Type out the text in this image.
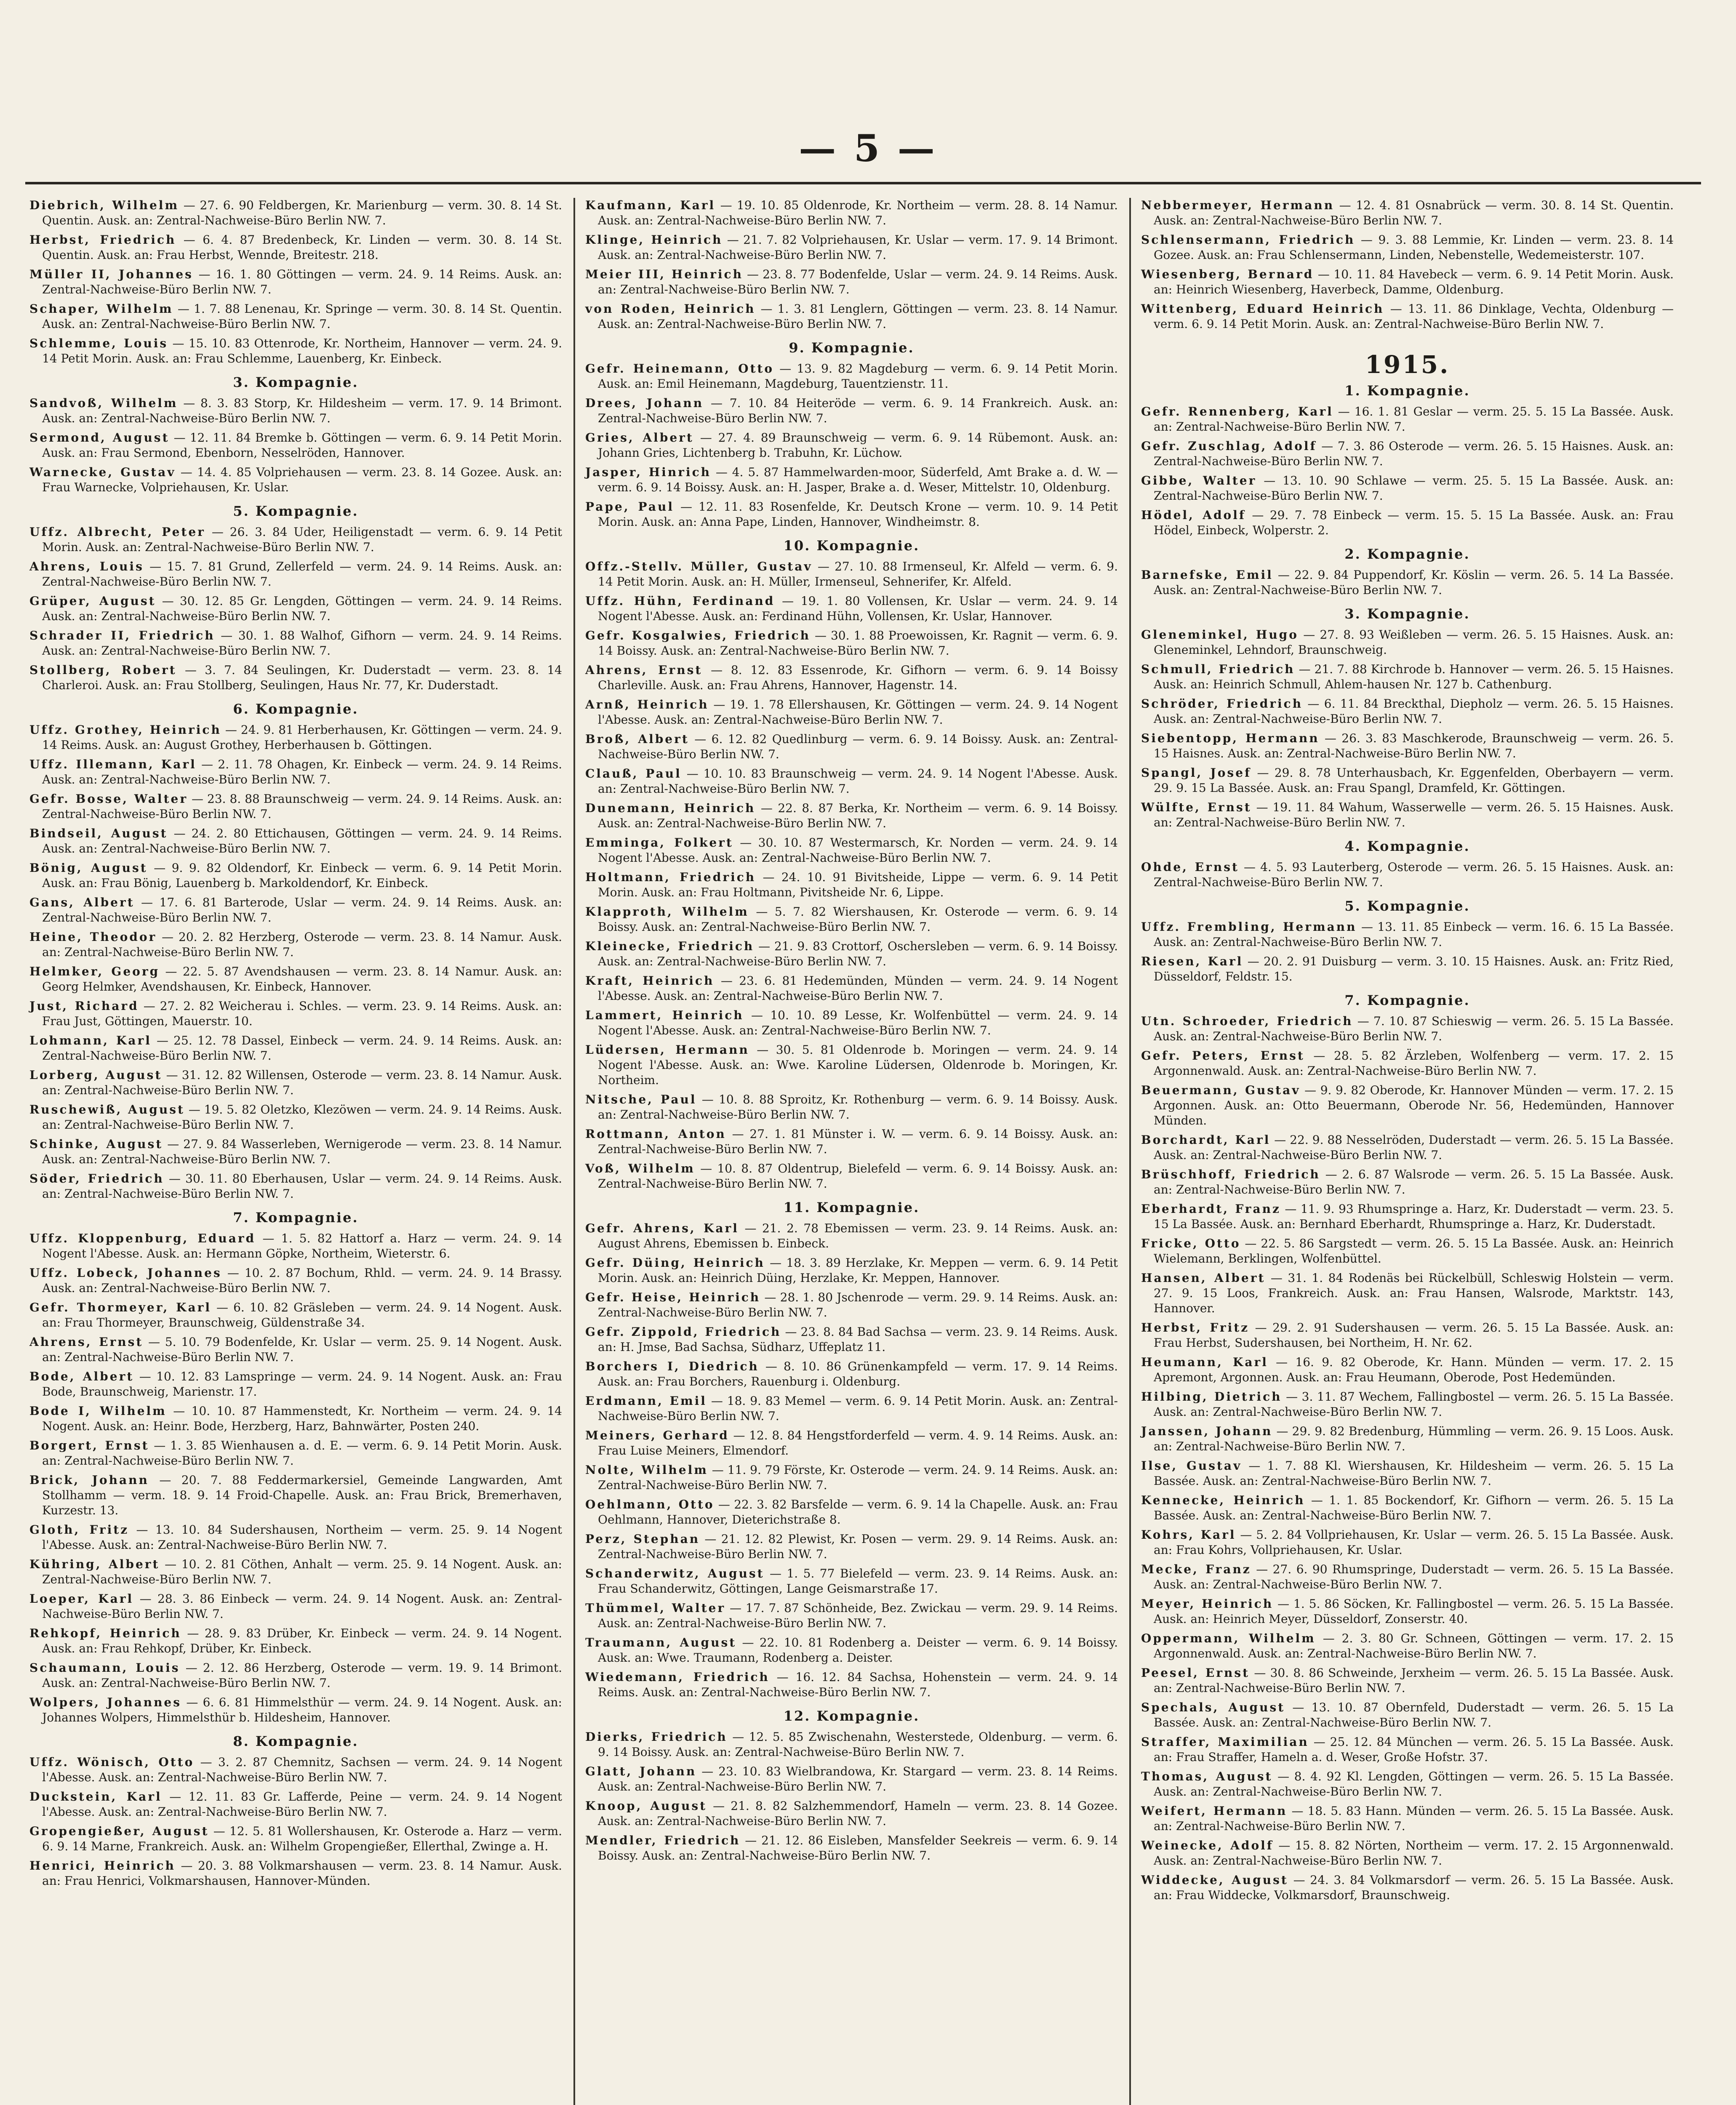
— 5 —
Diebrich, Wilhelm — 27. 6. 90 Feldbergen, Kr. Marienburg — verm. 30. 8. 14 St. Quentin. Ausk. an: Zentral-Nachweise-Büro Berlin NW. 7.
Herbst, Friedrich — 6. 4. 87 Bredenbeck, Kr. Linden — verm. 30. 8. 14 St. Quentin. Ausk. an: Frau Herbst, Wennde, Breitestr. 218.
Müller II, Johannes — 16. 1. 80 Göttingen — verm. 24. 9. 14 Reims. Ausk. an: Zentral-Nachweise-Büro Berlin NW. 7.
Schaper, Wilhelm — 1. 7. 88 Lenenau, Kr. Springe — verm. 30. 8. 14 St. Quentin. Ausk. an: Zentral-Nachweise-Büro Berlin NW. 7.
Schlemme, Louis — 15. 10. 83 Ottenrode, Kr. Northeim, Hannover — verm. 24. 9. 14 Petit Morin. Ausk. an: Frau Schlemme, Lauenberg, Kr. Einbeck.
3. Kompagnie.
Sandvoß, Wilhelm — 8. 3. 83 Storp, Kr. Hildesheim — verm. 17. 9. 14 Brimont. Ausk. an: Zentral-Nachweise-Büro Berlin NW. 7.
Sermond, August — 12. 11. 84 Bremke b. Göttingen — verm. 6. 9. 14 Petit Morin. Ausk. an: Frau Sermond, Ebenborn, Nesselröden, Hannover.
Warnecke, Gustav — 14. 4. 85 Volpriehausen — verm. 23. 8. 14 Gozee. Ausk. an: Frau Warnecke, Volpriehausen, Kr. Uslar.
5. Kompagnie.
Uffz. Albrecht, Peter — 26. 3. 84 Uder, Heiligenstadt — verm. 6. 9. 14 Petit Morin. Ausk. an: Zentral-Nachweise-Büro Berlin NW. 7.
Ahrens, Louis — 15. 7. 81 Grund, Zellerfeld — verm. 24. 9. 14 Reims. Ausk. an: Zentral-Nachweise-Büro Berlin NW. 7.
Grüper, August — 30. 12. 85 Gr. Lengden, Göttingen — verm. 24. 9. 14 Reims. Ausk. an: Zentral-Nachweise-Büro Berlin NW. 7.
Schrader II, Friedrich — 30. 1. 88 Walhof, Gifhorn — verm. 24. 9. 14 Reims. Ausk. an: Zentral-Nachweise-Büro Berlin NW. 7.
Stollberg, Robert — 3. 7. 84 Seulingen, Kr. Duderstadt — verm. 23. 8. 14 Charleroi. Ausk. an: Frau Stollberg, Seulingen, Haus Nr. 77, Kr. Duderstadt.
6. Kompagnie.
Uffz. Grothey, Heinrich — 24. 9. 81 Herberhausen, Kr. Göttingen — verm. 24. 9. 14 Reims. Ausk. an: August Grothey, Herberhausen b. Göttingen.
Uffz. Illemann, Karl — 2. 11. 78 Ohagen, Kr. Einbeck — verm. 24. 9. 14 Reims. Ausk. an: Zentral-Nachweise-Büro Berlin NW. 7.
Gefr. Bosse, Walter — 23. 8. 88 Braunschweig — verm. 24. 9. 14 Reims. Ausk. an: Zentral-Nachweise-Büro Berlin NW. 7.
Bindseil, August — 24. 2. 80 Ettichausen, Göttingen — verm. 24. 9. 14 Reims. Ausk. an: Zentral-Nachweise-Büro Berlin NW. 7.
Bönig, August — 9. 9. 82 Oldendorf, Kr. Einbeck — verm. 6. 9. 14 Petit Morin. Ausk. an: Frau Bönig, Lauenberg b. Markoldendorf, Kr. Einbeck.
Gans, Albert — 17. 6. 81 Barterode, Uslar — verm. 24. 9. 14 Reims. Ausk. an: Zentral-Nachweise-Büro Berlin NW. 7.
Heine, Theodor — 20. 2. 82 Herzberg, Osterode — verm. 23. 8. 14 Namur. Ausk. an: Zentral-Nachweise-Büro Berlin NW. 7.
Helmker, Georg — 22. 5. 87 Avendshausen — verm. 23. 8. 14 Namur. Ausk. an: Georg Helmker, Avendshausen, Kr. Einbeck, Hannover.
Just, Richard — 27. 2. 82 Weicherau i. Schles. — verm. 23. 9. 14 Reims. Ausk. an: Frau Just, Göttingen, Mauerstr. 10.
Lohmann, Karl — 25. 12. 78 Dassel, Einbeck — verm. 24. 9. 14 Reims. Ausk. an: Zentral-Nachweise-Büro Berlin NW. 7.
Lorberg, August — 31. 12. 82 Willensen, Osterode — verm. 23. 8. 14 Namur. Ausk. an: Zentral-Nachweise-Büro Berlin NW. 7.
Ruschewiß, August — 19. 5. 82 Oletzko, Klezöwen — verm. 24. 9. 14 Reims. Ausk. an: Zentral-Nachweise-Büro Berlin NW. 7.
Schinke, August — 27. 9. 84 Wasserleben, Wernigerode — verm. 23. 8. 14 Namur. Ausk. an: Zentral-Nachweise-Büro Berlin NW. 7.
Söder, Friedrich — 30. 11. 80 Eberhausen, Uslar — verm. 24. 9. 14 Reims. Ausk. an: Zentral-Nachweise-Büro Berlin NW. 7.
7. Kompagnie.
Uffz. Kloppenburg, Eduard — 1. 5. 82 Hattorf a. Harz — verm. 24. 9. 14 Nogent l'Abesse. Ausk. an: Hermann Göpke, Northeim, Wieterstr. 6.
Uffz. Lobeck, Johannes — 10. 2. 87 Bochum, Rhld. — verm. 24. 9. 14 Brassy. Ausk. an: Zentral-Nachweise-Büro Berlin NW. 7.
Gefr. Thormeyer, Karl — 6. 10. 82 Gräsleben — verm. 24. 9. 14 Nogent. Ausk. an: Frau Thormeyer, Braunschweig, Güldenstraße 34.
Ahrens, Ernst — 5. 10. 79 Bodenfelde, Kr. Uslar — verm. 25. 9. 14 Nogent. Ausk. an: Zentral-Nachweise-Büro Berlin NW. 7.
Bode, Albert — 10. 12. 83 Lamspringe — verm. 24. 9. 14 Nogent. Ausk. an: Frau Bode, Braunschweig, Marienstr. 17.
Bode I, Wilhelm — 10. 10. 87 Hammenstedt, Kr. Northeim — verm. 24. 9. 14 Nogent. Ausk. an: Heinr. Bode, Herzberg, Harz, Bahnwärter, Posten 240.
Borgert, Ernst — 1. 3. 85 Wienhausen a. d. E. — verm. 6. 9. 14 Petit Morin. Ausk. an: Zentral-Nachweise-Büro Berlin NW. 7.
Brick, Johann — 20. 7. 88 Feddermarkersiel, Gemeinde Langwarden, Amt Stollhamm — verm. 18. 9. 14 Froid-Chapelle. Ausk. an: Frau Brick, Bremerhaven, Kurzestr. 13.
Gloth, Fritz — 13. 10. 84 Sudershausen, Northeim — verm. 25. 9. 14 Nogent l'Abesse. Ausk. an: Zentral-Nachweise-Büro Berlin NW. 7.
Kühring, Albert — 10. 2. 81 Cöthen, Anhalt — verm. 25. 9. 14 Nogent. Ausk. an: Zentral-Nachweise-Büro Berlin NW. 7.
Loeper, Karl — 28. 3. 86 Einbeck — verm. 24. 9. 14 Nogent. Ausk. an: Zentral-Nachweise-Büro Berlin NW. 7.
Rehkopf, Heinrich — 28. 9. 83 Drüber, Kr. Einbeck — verm. 24. 9. 14 Nogent. Ausk. an: Frau Rehkopf, Drüber, Kr. Einbeck.
Schaumann, Louis — 2. 12. 86 Herzberg, Osterode — verm. 19. 9. 14 Brimont. Ausk. an: Zentral-Nachweise-Büro Berlin NW. 7.
Wolpers, Johannes — 6. 6. 81 Himmelsthür — verm. 24. 9. 14 Nogent. Ausk. an: Johannes Wolpers, Himmelsthür b. Hildesheim, Hannover.
8. Kompagnie.
Uffz. Wönisch, Otto — 3. 2. 87 Chemnitz, Sachsen — verm. 24. 9. 14 Nogent l'Abesse. Ausk. an: Zentral-Nachweise-Büro Berlin NW. 7.
Duckstein, Karl — 12. 11. 83 Gr. Lafferde, Peine — verm. 24. 9. 14 Nogent l'Abesse. Ausk. an: Zentral-Nachweise-Büro Berlin NW. 7.
Gropengießer, August — 12. 5. 81 Wollershausen, Kr. Osterode a. Harz — verm. 6. 9. 14 Marne, Frankreich. Ausk. an: Wilhelm Gropengießer, Ellerthal, Zwinge a. H.
Henrici, Heinrich — 20. 3. 88 Volkmarshausen — verm. 23. 8. 14 Namur. Ausk. an: Frau Henrici, Volkmarshausen, Hannover-Münden.
Kaufmann, Karl — 19. 10. 85 Oldenrode, Kr. Northeim — verm. 28. 8. 14 Namur. Ausk. an: Zentral-Nachweise-Büro Berlin NW. 7.
Klinge, Heinrich — 21. 7. 82 Volpriehausen, Kr. Uslar — verm. 17. 9. 14 Brimont. Ausk. an: Zentral-Nachweise-Büro Berlin NW. 7.
Meier III, Heinrich — 23. 8. 77 Bodenfelde, Uslar — verm. 24. 9. 14 Reims. Ausk. an: Zentral-Nachweise-Büro Berlin NW. 7.
von Roden, Heinrich — 1. 3. 81 Lenglern, Göttingen — verm. 23. 8. 14 Namur. Ausk. an: Zentral-Nachweise-Büro Berlin NW. 7.
9. Kompagnie.
Gefr. Heinemann, Otto — 13. 9. 82 Magdeburg — verm. 6. 9. 14 Petit Morin. Ausk. an: Emil Heinemann, Magdeburg, Tauentzienstr. 11.
Drees, Johann — 7. 10. 84 Heiteröde — verm. 6. 9. 14 Frankreich. Ausk. an: Zentral-Nachweise-Büro Berlin NW. 7.
Gries, Albert — 27. 4. 89 Braunschweig — verm. 6. 9. 14 Rübemont. Ausk. an: Johann Gries, Lichtenberg b. Trabuhn, Kr. Lüchow.
Jasper, Hinrich — 4. 5. 87 Hammelwarden-moor, Süderfeld, Amt Brake a. d. W. — verm. 6. 9. 14 Boissy. Ausk. an: H. Jasper, Brake a. d. Weser, Mittelstr. 10, Oldenburg.
Pape, Paul — 12. 11. 83 Rosenfelde, Kr. Deutsch Krone — verm. 10. 9. 14 Petit Morin. Ausk. an: Anna Pape, Linden, Hannover, Windheimstr. 8.
10. Kompagnie.
Offz.-Stellv. Müller, Gustav — 27. 10. 88 Irmenseul, Kr. Alfeld — verm. 6. 9. 14 Petit Morin. Ausk. an: H. Müller, Irmenseul, Sehnerifer, Kr. Alfeld.
Uffz. Hühn, Ferdinand — 19. 1. 80 Vollensen, Kr. Uslar — verm. 24. 9. 14 Nogent l'Abesse. Ausk. an: Ferdinand Hühn, Vollensen, Kr. Uslar, Hannover.
Gefr. Kosgalwies, Friedrich — 30. 1. 88 Proewoissen, Kr. Ragnit — verm. 6. 9. 14 Boissy. Ausk. an: Zentral-Nachweise-Büro Berlin NW. 7.
Ahrens, Ernst — 8. 12. 83 Essenrode, Kr. Gifhorn — verm. 6. 9. 14 Boissy Charleville. Ausk. an: Frau Ahrens, Hannover, Hagenstr. 14.
Arnß, Heinrich — 19. 1. 78 Ellershausen, Kr. Göttingen — verm. 24. 9. 14 Nogent l'Abesse. Ausk. an: Zentral-Nachweise-Büro Berlin NW. 7.
Broß, Albert — 6. 12. 82 Quedlinburg — verm. 6. 9. 14 Boissy. Ausk. an: Zentral-Nachweise-Büro Berlin NW. 7.
Clauß, Paul — 10. 10. 83 Braunschweig — verm. 24. 9. 14 Nogent l'Abesse. Ausk. an: Zentral-Nachweise-Büro Berlin NW. 7.
Dunemann, Heinrich — 22. 8. 87 Berka, Kr. Northeim — verm. 6. 9. 14 Boissy. Ausk. an: Zentral-Nachweise-Büro Berlin NW. 7.
Emminga, Folkert — 30. 10. 87 Westermarsch, Kr. Norden — verm. 24. 9. 14 Nogent l'Abesse. Ausk. an: Zentral-Nachweise-Büro Berlin NW. 7.
Holtmann, Friedrich — 24. 10. 91 Bivitsheide, Lippe — verm. 6. 9. 14 Petit Morin. Ausk. an: Frau Holtmann, Pivitsheide Nr. 6, Lippe.
Klapproth, Wilhelm — 5. 7. 82 Wiershausen, Kr. Osterode — verm. 6. 9. 14 Boissy. Ausk. an: Zentral-Nachweise-Büro Berlin NW. 7.
Kleinecke, Friedrich — 21. 9. 83 Crottorf, Oschersleben — verm. 6. 9. 14 Boissy. Ausk. an: Zentral-Nachweise-Büro Berlin NW. 7.
Kraft, Heinrich — 23. 6. 81 Hedemünden, Münden — verm. 24. 9. 14 Nogent l'Abesse. Ausk. an: Zentral-Nachweise-Büro Berlin NW. 7.
Lammert, Heinrich — 10. 10. 89 Lesse, Kr. Wolfenbüttel — verm. 24. 9. 14 Nogent l'Abesse. Ausk. an: Zentral-Nachweise-Büro Berlin NW. 7.
Lüdersen, Hermann — 30. 5. 81 Oldenrode b. Moringen — verm. 24. 9. 14 Nogent l'Abesse. Ausk. an: Wwe. Karoline Lüdersen, Oldenrode b. Moringen, Kr. Northeim.
Nitsche, Paul — 10. 8. 88 Sproitz, Kr. Rothenburg — verm. 6. 9. 14 Boissy. Ausk. an: Zentral-Nachweise-Büro Berlin NW. 7.
Rottmann, Anton — 27. 1. 81 Münster i. W. — verm. 6. 9. 14 Boissy. Ausk. an: Zentral-Nachweise-Büro Berlin NW. 7.
Voß, Wilhelm — 10. 8. 87 Oldentrup, Bielefeld — verm. 6. 9. 14 Boissy. Ausk. an: Zentral-Nachweise-Büro Berlin NW. 7.
11. Kompagnie.
Gefr. Ahrens, Karl — 21. 2. 78 Ebemissen — verm. 23. 9. 14 Reims. Ausk. an: August Ahrens, Ebemissen b. Einbeck.
Gefr. Düing, Heinrich — 18. 3. 89 Herzlake, Kr. Meppen — verm. 6. 9. 14 Petit Morin. Ausk. an: Heinrich Düing, Herzlake, Kr. Meppen, Hannover.
Gefr. Heise, Heinrich — 28. 1. 80 Jschenrode — verm. 29. 9. 14 Reims. Ausk. an: Zentral-Nachweise-Büro Berlin NW. 7.
Gefr. Zippold, Friedrich — 23. 8. 84 Bad Sachsa — verm. 23. 9. 14 Reims. Ausk. an: H. Jmse, Bad Sachsa, Südharz, Uffeplatz 11.
Borchers I, Diedrich — 8. 10. 86 Grünenkampfeld — verm. 17. 9. 14 Reims. Ausk. an: Frau Borchers, Rauenburg i. Oldenburg.
Erdmann, Emil — 18. 9. 83 Memel — verm. 6. 9. 14 Petit Morin. Ausk. an: Zentral-Nachweise-Büro Berlin NW. 7.
Meiners, Gerhard — 12. 8. 84 Hengstforderfeld — verm. 4. 9. 14 Reims. Ausk. an: Frau Luise Meiners, Elmendorf.
Nolte, Wilhelm — 11. 9. 79 Förste, Kr. Osterode — verm. 24. 9. 14 Reims. Ausk. an: Zentral-Nachweise-Büro Berlin NW. 7.
Oehlmann, Otto — 22. 3. 82 Barsfelde — verm. 6. 9. 14 la Chapelle. Ausk. an: Frau Oehlmann, Hannover, Dieterichstraße 8.
Perz, Stephan — 21. 12. 82 Plewist, Kr. Posen — verm. 29. 9. 14 Reims. Ausk. an: Zentral-Nachweise-Büro Berlin NW. 7.
Schanderwitz, August — 1. 5. 77 Bielefeld — verm. 23. 9. 14 Reims. Ausk. an: Frau Schanderwitz, Göttingen, Lange Geismarstraße 17.
Thümmel, Walter — 17. 7. 87 Schönheide, Bez. Zwickau — verm. 29. 9. 14 Reims. Ausk. an: Zentral-Nachweise-Büro Berlin NW. 7.
Traumann, August — 22. 10. 81 Rodenberg a. Deister — verm. 6. 9. 14 Boissy. Ausk. an: Wwe. Traumann, Rodenberg a. Deister.
Wiedemann, Friedrich — 16. 12. 84 Sachsa, Hohenstein — verm. 24. 9. 14 Reims. Ausk. an: Zentral-Nachweise-Büro Berlin NW. 7.
12. Kompagnie.
Dierks, Friedrich — 12. 5. 85 Zwischenahn, Westerstede, Oldenburg. — verm. 6. 9. 14 Boissy. Ausk. an: Zentral-Nachweise-Büro Berlin NW. 7.
Glatt, Johann — 23. 10. 83 Wielbrandowa, Kr. Stargard — verm. 23. 8. 14 Reims. Ausk. an: Zentral-Nachweise-Büro Berlin NW. 7.
Knoop, August — 21. 8. 82 Salzhemmendorf, Hameln — verm. 23. 8. 14 Gozee. Ausk. an: Zentral-Nachweise-Büro Berlin NW. 7.
Mendler, Friedrich — 21. 12. 86 Eisleben, Mansfelder Seekreis — verm. 6. 9. 14 Boissy. Ausk. an: Zentral-Nachweise-Büro Berlin NW. 7.
Nebbermeyer, Hermann — 12. 4. 81 Osnabrück — verm. 30. 8. 14 St. Quentin. Ausk. an: Zentral-Nachweise-Büro Berlin NW. 7.
Schlensermann, Friedrich — 9. 3. 88 Lemmie, Kr. Linden — verm. 23. 8. 14 Gozee. Ausk. an: Frau Schlensermann, Linden, Nebenstelle, Wedemeisterstr. 107.
Wiesenberg, Bernard — 10. 11. 84 Havebeck — verm. 6. 9. 14 Petit Morin. Ausk. an: Heinrich Wiesenberg, Haverbeck, Damme, Oldenburg.
Wittenberg, Eduard Heinrich — 13. 11. 86 Dinklage, Vechta, Oldenburg — verm. 6. 9. 14 Petit Morin. Ausk. an: Zentral-Nachweise-Büro Berlin NW. 7.
1915.
1. Kompagnie.
Gefr. Rennenberg, Karl — 16. 1. 81 Geslar — verm. 25. 5. 15 La Bassée. Ausk. an: Zentral-Nachweise-Büro Berlin NW. 7.
Gefr. Zuschlag, Adolf — 7. 3. 86 Osterode — verm. 26. 5. 15 Haisnes. Ausk. an: Zentral-Nachweise-Büro Berlin NW. 7.
Gibbe, Walter — 13. 10. 90 Schlawe — verm. 25. 5. 15 La Bassée. Ausk. an: Zentral-Nachweise-Büro Berlin NW. 7.
Hödel, Adolf — 29. 7. 78 Einbeck — verm. 15. 5. 15 La Bassée. Ausk. an: Frau Hödel, Einbeck, Wolperstr. 2.
2. Kompagnie.
Barnefske, Emil — 22. 9. 84 Puppendorf, Kr. Köslin — verm. 26. 5. 14 La Bassée. Ausk. an: Zentral-Nachweise-Büro Berlin NW. 7.
3. Kompagnie.
Gleneminkel, Hugo — 27. 8. 93 Weißleben — verm. 26. 5. 15 Haisnes. Ausk. an: Gleneminkel, Lehndorf, Braunschweig.
Schmull, Friedrich — 21. 7. 88 Kirchrode b. Hannover — verm. 26. 5. 15 Haisnes. Ausk. an: Heinrich Schmull, Ahlem-hausen Nr. 127 b. Cathenburg.
Schröder, Friedrich — 6. 11. 84 Breckthal, Diepholz — verm. 26. 5. 15 Haisnes. Ausk. an: Zentral-Nachweise-Büro Berlin NW. 7.
Siebentopp, Hermann — 26. 3. 83 Maschkerode, Braunschweig — verm. 26. 5. 15 Haisnes. Ausk. an: Zentral-Nachweise-Büro Berlin NW. 7.
Spangl, Josef — 29. 8. 78 Unterhausbach, Kr. Eggenfelden, Oberbayern — verm. 29. 9. 15 La Bassée. Ausk. an: Frau Spangl, Dramfeld, Kr. Göttingen.
Wülfte, Ernst — 19. 11. 84 Wahum, Wasserwelle — verm. 26. 5. 15 Haisnes. Ausk. an: Zentral-Nachweise-Büro Berlin NW. 7.
4. Kompagnie.
Ohde, Ernst — 4. 5. 93 Lauterberg, Osterode — verm. 26. 5. 15 Haisnes. Ausk. an: Zentral-Nachweise-Büro Berlin NW. 7.
5. Kompagnie.
Uffz. Frembling, Hermann — 13. 11. 85 Einbeck — verm. 16. 6. 15 La Bassée. Ausk. an: Zentral-Nachweise-Büro Berlin NW. 7.
Riesen, Karl — 20. 2. 91 Duisburg — verm. 3. 10. 15 Haisnes. Ausk. an: Fritz Ried, Düsseldorf, Feldstr. 15.
7. Kompagnie.
Utn. Schroeder, Friedrich — 7. 10. 87 Schieswig — verm. 26. 5. 15 La Bassée. Ausk. an: Zentral-Nachweise-Büro Berlin NW. 7.
Gefr. Peters, Ernst — 28. 5. 82 Ärzleben, Wolfenberg — verm. 17. 2. 15 Argonnenwald. Ausk. an: Zentral-Nachweise-Büro Berlin NW. 7.
Beuermann, Gustav — 9. 9. 82 Oberode, Kr. Hannover Münden — verm. 17. 2. 15 Argonnen. Ausk. an: Otto Beuermann, Oberode Nr. 56, Hedemünden, Hannover Münden.
Borchardt, Karl — 22. 9. 88 Nesselröden, Duderstadt — verm. 26. 5. 15 La Bassée. Ausk. an: Zentral-Nachweise-Büro Berlin NW. 7.
Brüschhoff, Friedrich — 2. 6. 87 Walsrode — verm. 26. 5. 15 La Bassée. Ausk. an: Zentral-Nachweise-Büro Berlin NW. 7.
Eberhardt, Franz — 11. 9. 93 Rhumspringe a. Harz, Kr. Duderstadt — verm. 23. 5. 15 La Bassée. Ausk. an: Bernhard Eberhardt, Rhumspringe a. Harz, Kr. Duderstadt.
Fricke, Otto — 22. 5. 86 Sargstedt — verm. 26. 5. 15 La Bassée. Ausk. an: Heinrich Wielemann, Berklingen, Wolfenbüttel.
Hansen, Albert — 31. 1. 84 Rodenäs bei Rückelbüll, Schleswig Holstein — verm. 27. 9. 15 Loos, Frankreich. Ausk. an: Frau Hansen, Walsrode, Marktstr. 143, Hannover.
Herbst, Fritz — 29. 2. 91 Sudershausen — verm. 26. 5. 15 La Bassée. Ausk. an: Frau Herbst, Sudershausen, bei Northeim, H. Nr. 62.
Heumann, Karl — 16. 9. 82 Oberode, Kr. Hann. Münden — verm. 17. 2. 15 Apremont, Argonnen. Ausk. an: Frau Heumann, Oberode, Post Hedemünden.
Hilbing, Dietrich — 3. 11. 87 Wechem, Fallingbostel — verm. 26. 5. 15 La Bassée. Ausk. an: Zentral-Nachweise-Büro Berlin NW. 7.
Janssen, Johann — 29. 9. 82 Bredenburg, Hümmling — verm. 26. 9. 15 Loos. Ausk. an: Zentral-Nachweise-Büro Berlin NW. 7.
Ilse, Gustav — 1. 7. 88 Kl. Wiershausen, Kr. Hildesheim — verm. 26. 5. 15 La Bassée. Ausk. an: Zentral-Nachweise-Büro Berlin NW. 7.
Kennecke, Heinrich — 1. 1. 85 Bockendorf, Kr. Gifhorn — verm. 26. 5. 15 La Bassée. Ausk. an: Zentral-Nachweise-Büro Berlin NW. 7.
Kohrs, Karl — 5. 2. 84 Vollpriehausen, Kr. Uslar — verm. 26. 5. 15 La Bassée. Ausk. an: Frau Kohrs, Vollpriehausen, Kr. Uslar.
Mecke, Franz — 27. 6. 90 Rhumspringe, Duderstadt — verm. 26. 5. 15 La Bassée. Ausk. an: Zentral-Nachweise-Büro Berlin NW. 7.
Meyer, Heinrich — 1. 5. 86 Söcken, Kr. Fallingbostel — verm. 26. 5. 15 La Bassée. Ausk. an: Heinrich Meyer, Düsseldorf, Zonserstr. 40.
Oppermann, Wilhelm — 2. 3. 80 Gr. Schneen, Göttingen — verm. 17. 2. 15 Argonnenwald. Ausk. an: Zentral-Nachweise-Büro Berlin NW. 7.
Peesel, Ernst — 30. 8. 86 Schweinde, Jerxheim — verm. 26. 5. 15 La Bassée. Ausk. an: Zentral-Nachweise-Büro Berlin NW. 7.
Spechals, August — 13. 10. 87 Obernfeld, Duderstadt — verm. 26. 5. 15 La Bassée. Ausk. an: Zentral-Nachweise-Büro Berlin NW. 7.
Straffer, Maximilian — 25. 12. 84 München — verm. 26. 5. 15 La Bassée. Ausk. an: Frau Straffer, Hameln a. d. Weser, Große Hofstr. 37.
Thomas, August — 8. 4. 92 Kl. Lengden, Göttingen — verm. 26. 5. 15 La Bassée. Ausk. an: Zentral-Nachweise-Büro Berlin NW. 7.
Weifert, Hermann — 18. 5. 83 Hann. Münden — verm. 26. 5. 15 La Bassée. Ausk. an: Zentral-Nachweise-Büro Berlin NW. 7.
Weinecke, Adolf — 15. 8. 82 Nörten, Northeim — verm. 17. 2. 15 Argonnenwald. Ausk. an: Zentral-Nachweise-Büro Berlin NW. 7.
Widdecke, August — 24. 3. 84 Volkmarsdorf — verm. 26. 5. 15 La Bassée. Ausk. an: Frau Widdecke, Volkmarsdorf, Braunschweig.
